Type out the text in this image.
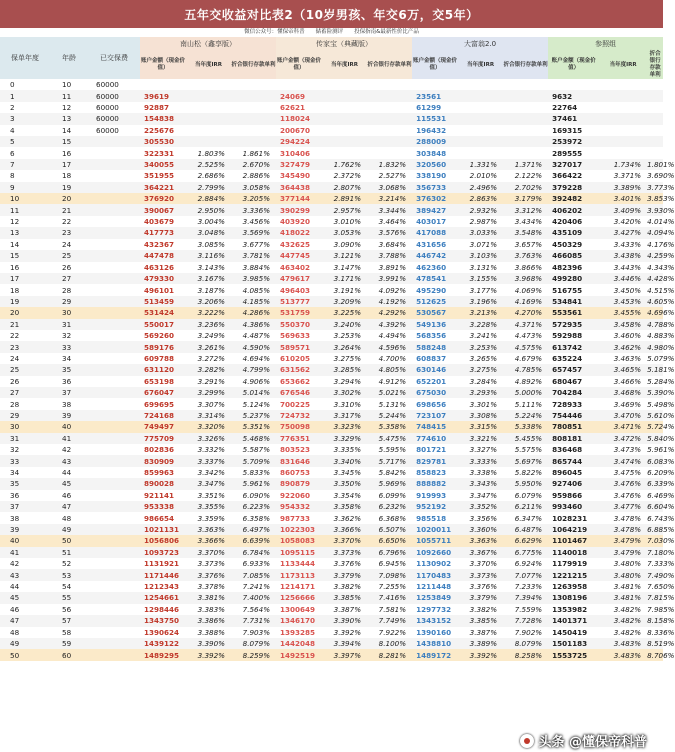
五年交收益对比表2（10岁男孩、年交6万，交5年）
微信公众号：懂保帝科普　　储蓄险测评　　投保指南&最新性价比产品
保单年度	年龄	已交保费	南山松（鑫享版）			传家宝（典藏版）			大富翁2.0			参照组		
			账户金额（现金价值）	当年度IRR	折合银行存款单利	账户金额（现金价值）	当年度IRR	折合银行存款单利	账户金额（现金价值）	当年度IRR	折合银行存款单利	账户金额（现金价值）	当年度IRR	折合银行存款单利
0	10	60000												
1	11	60000	39619			24069			23561			9632		
2	12	60000	92887			62621			61299			22764		
3	13	60000	154838			118024			115531			37461		
4	14	60000	225676			200670			196432			169315		
5	15		305530			294224			288009			253972		
6	16		322331	1.803%	1.861%	310406			303848			289555		
7	17		340055	2.525%	2.670%	327479	1.762%	1.832%	320560	1.331%	1.371%	327017	1.734%	1.801%
8	18		351955	2.686%	2.886%	345490	2.372%	2.527%	338190	2.010%	2.122%	366422	3.371%	3.690%
9	19		364221	2.799%	3.058%	364438	2.807%	3.068%	356733	2.496%	2.702%	379228	3.389%	3.773%
10	20		376920	2.884%	3.205%	377144	2.891%	3.214%	376302	2.863%	3.179%	392482	3.401%	3.853%
11	21		390067	2.950%	3.336%	390299	2.957%	3.344%	389427	2.932%	3.312%	406202	3.409%	3.930%
12	22		403679	3.004%	3.456%	403920	3.010%	3.464%	403017	2.987%	3.434%	420406	3.420%	4.014%
13	23		417773	3.048%	3.569%	418022	3.053%	3.576%	417088	3.033%	3.548%	435109	3.427%	4.094%
14	24		432367	3.085%	3.677%	432625	3.090%	3.684%	431656	3.071%	3.657%	450329	3.433%	4.176%
15	25		447478	3.116%	3.781%	447745	3.121%	3.788%	446742	3.103%	3.763%	466085	3.438%	4.259%
16	26		463126	3.143%	3.884%	463402	3.147%	3.891%	462360	3.131%	3.866%	482396	3.443%	4.343%
17	27		479330	3.167%	3.985%	479617	3.171%	3.991%	478541	3.155%	3.968%	499280	3.446%	4.428%
18	28		496101	3.187%	4.085%	496403	3.191%	4.092%	495290	3.177%	4.069%	516755	3.450%	4.515%
19	29		513459	3.206%	4.185%	513777	3.209%	4.192%	512625	3.196%	4.169%	534841	3.453%	4.605%
20	30		531424	3.222%	4.286%	531759	3.225%	4.292%	530567	3.213%	4.270%	553561	3.455%	4.696%
21	31		550017	3.236%	4.386%	550370	3.240%	4.392%	549136	3.228%	4.371%	572935	3.458%	4.788%
22	32		569260	3.249%	4.487%	569633	3.253%	4.494%	568356	3.241%	4.473%	592988	3.460%	4.883%
23	33		589176	3.261%	4.590%	589571	3.264%	4.596%	588248	3.253%	4.575%	613742	3.462%	4.980%
24	34		609788	3.272%	4.694%	610205	3.275%	4.700%	608837	3.265%	4.679%	635224	3.463%	5.079%
25	35		631120	3.282%	4.799%	631562	3.285%	4.805%	630146	3.275%	4.785%	657457	3.465%	5.181%
26	36		653198	3.291%	4.906%	653662	3.294%	4.912%	652201	3.284%	4.892%	680467	3.466%	5.284%
27	37		676047	3.299%	5.014%	676546	3.302%	5.021%	675030	3.293%	5.000%	704284	3.468%	5.390%
28	38		699695	3.307%	5.124%	700225	3.310%	5.131%	698656	3.301%	5.111%	728933	3.469%	5.498%
29	39		724168	3.314%	5.237%	724732	3.317%	5.244%	723107	3.308%	5.224%	754446	3.470%	5.610%
30	40		749497	3.320%	5.351%	750098	3.323%	5.358%	748415	3.315%	5.338%	780851	3.471%	5.724%
31	41		775709	3.326%	5.468%	776351	3.329%	5.475%	774610	3.321%	5.455%	808181	3.472%	5.840%
32	42		802836	3.332%	5.587%	803523	3.335%	5.595%	801721	3.327%	5.575%	836468	3.473%	5.961%
33	43		830909	3.337%	5.709%	831646	3.340%	5.717%	829781	3.333%	5.697%	865744	3.474%	6.083%
34	44		859963	3.342%	5.833%	860753	3.345%	5.842%	858823	3.338%	5.822%	896045	3.475%	6.209%
35	45		890028	3.347%	5.961%	890879	3.350%	5.969%	888882	3.343%	5.950%	927406	3.476%	6.339%
36	46		921141	3.351%	6.090%	922060	3.354%	6.099%	919993	3.347%	6.079%	959866	3.476%	6.469%
37	47		953338	3.355%	6.223%	954332	3.358%	6.232%	952192	3.352%	6.211%	993460	3.477%	6.604%
38	48		986654	3.359%	6.358%	987733	3.362%	6.368%	985518	3.356%	6.347%	1028231	3.478%	6.743%
39	49		1021131	3.363%	6.497%	1022303	3.366%	6.507%	1020011	3.360%	6.487%	1064219	3.478%	6.885%
40	50		1056806	3.366%	6.639%	1058083	3.370%	6.650%	1055711	3.363%	6.629%	1101467	3.479%	7.030%
41	51		1093723	3.370%	6.784%	1095115	3.373%	6.796%	1092660	3.367%	6.775%	1140018	3.479%	7.180%
42	52		1131921	3.373%	6.933%	1133444	3.376%	6.945%	1130902	3.370%	6.924%	1179919	3.480%	7.333%
43	53		1171446	3.376%	7.085%	1173113	3.379%	7.098%	1170483	3.373%	7.077%	1221215	3.480%	7.490%
44	54		1212343	3.378%	7.241%	1214171	3.382%	7.255%	1211448	3.376%	7.233%	1263958	3.481%	7.650%
45	55		1254661	3.381%	7.400%	1256666	3.385%	7.416%	1253849	3.379%	7.394%	1308196	3.481%	7.815%
46	56		1298446	3.383%	7.564%	1300649	3.387%	7.581%	1297732	3.382%	7.559%	1353982	3.482%	7.985%
47	57		1343750	3.386%	7.731%	1346170	3.390%	7.749%	1343152	3.385%	7.728%	1401371	3.482%	8.158%
48	58		1390624	3.388%	7.903%	1393285	3.392%	7.922%	1390160	3.387%	7.902%	1450419	3.482%	8.336%
49	59		1439122	3.390%	8.079%	1442048	3.394%	8.100%	1438810	3.389%	8.079%	1501183	3.483%	8.519%
50	60		1489295	3.392%	8.259%	1492519	3.397%	8.281%	1489172	3.392%	8.258%	1553725	3.483%	8.706%
头条 @懂保帝科普
